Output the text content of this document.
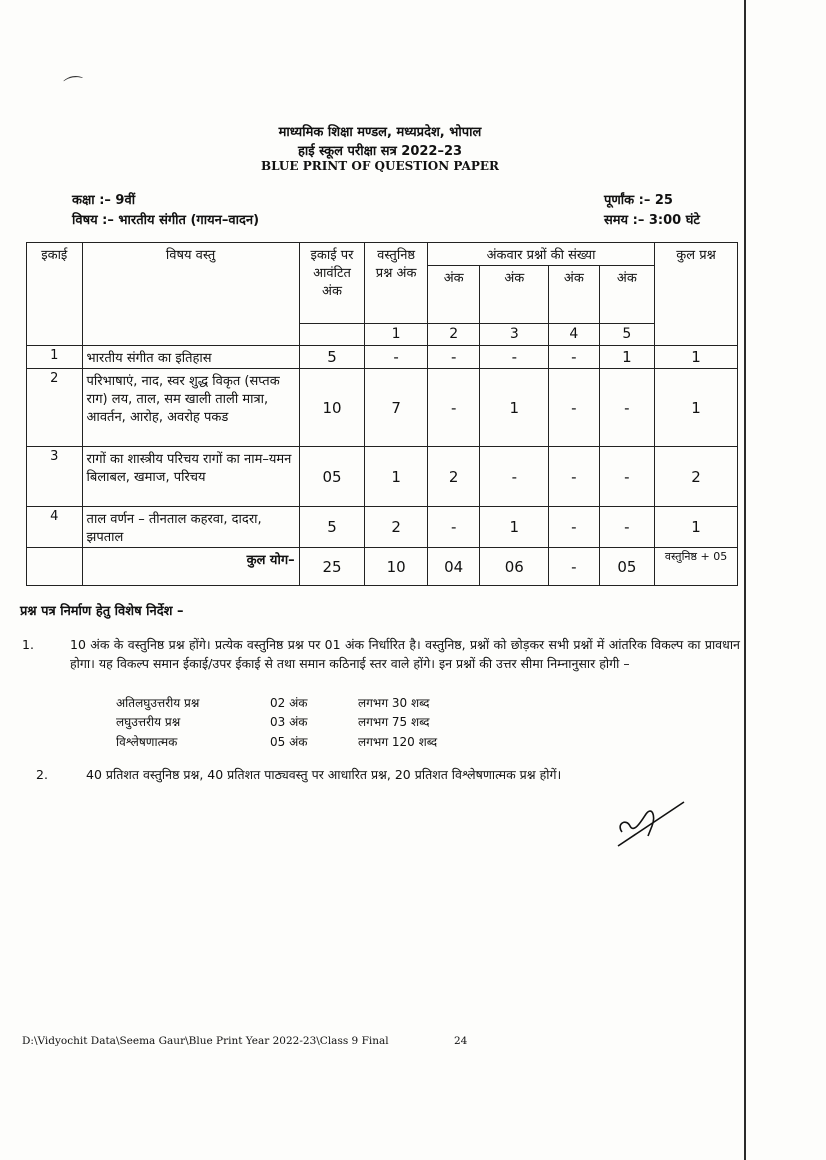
⌒
माध्यमिक शिक्षा मण्डल, मध्यप्रदेश, भोपाल
हाई स्कूल परीक्षा सत्र 2022–23
BLUE PRINT OF QUESTION PAPER
कक्षा :– 9वीं
विषय :– भारतीय संगीत (गायन–वादन)
पूर्णांक :– 25
समय :– 3:00 घंटे
इकाई	विषय वस्तु	इकाई पर आवंटित अंक	वस्तुनिष्ठ प्रश्न अंक	अंकवार प्रश्नों की संख्या				कुल प्रश्न
				अंक	अंक	अंक	अंक	
			1	2	3	4	5	
1	भारतीय संगीत का इतिहास	5	-	-	-	-	1	1
2	परिभाषाएं, नाद, स्वर शुद्ध विकृत (सप्तक राग) लय, ताल, सम खाली ताली मात्रा, आवर्तन, आरोह, अवरोह पकड	10	7	-	1	-	-	1
3	रागों का शास्त्रीय परिचय रागों का नाम–यमन बिलाबल, खमाज, परिचय	05	1	2	-	-	-	2
4	ताल वर्णन – तीनताल कहरवा, दादरा, झपताल	5	2	-	1	-	-	1
	कुल योग–	25	10	04	06	-	05	वस्तुनिष्ठ + 05
प्रश्न पत्र निर्माण हेतु विशेष निर्देश –
1.	10 अंक के वस्तुनिष्ठ प्रश्न होंगे। प्रत्येक वस्तुनिष्ठ प्रश्न पर 01 अंक निर्धारित है। वस्तुनिष्ठ, प्रश्नों को छोड़कर सभी प्रश्नों में आंतरिक विकल्प का प्रावधान होगा। यह विकल्प समान ईकाई/उपर ईकाई से तथा समान कठिनाई स्तर वाले होंगे। इन प्रश्नों की उत्तर सीमा निम्नानुसार होगी –
अतिलघुउत्तरीय प्रश्न	02 अंक	लगभग 30 शब्द
लघुउत्तरीय प्रश्न	03 अंक	लगभग 75 शब्द
विश्लेषणात्मक	05 अंक	लगभग 120 शब्द
2.	40 प्रतिशत वस्तुनिष्ठ प्रश्न, 40 प्रतिशत पाठ्यवस्तु पर आधारित प्रश्न, 20 प्रतिशत विश्लेषणात्मक प्रश्न होगें।
D:\Vidyochit Data\Seema Gaur\Blue Print Year 2022-23\Class 9 Final	24
